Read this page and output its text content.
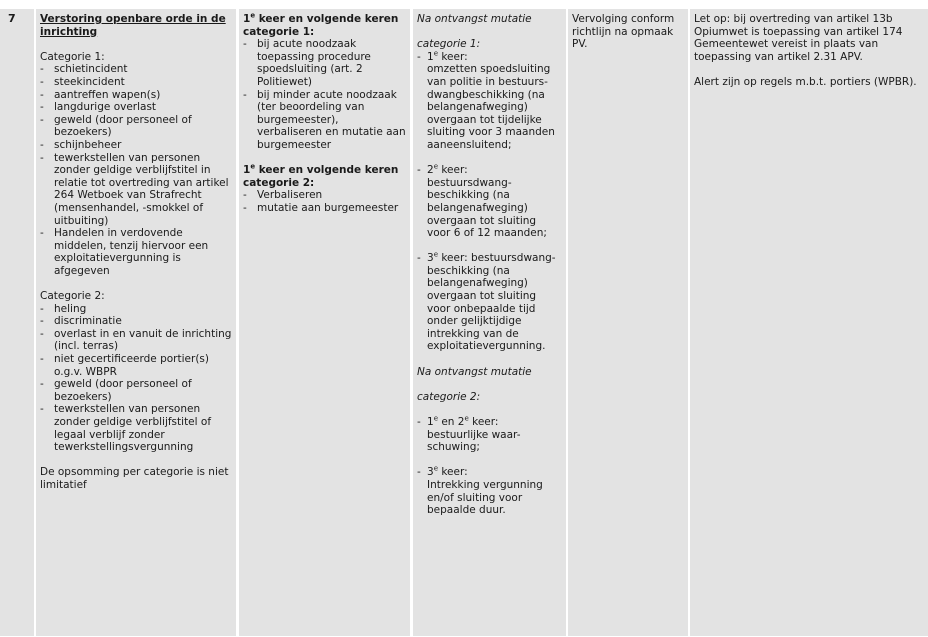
7	Verstoring openbare orde in de inrichting
Categorie 1:
- schietincident
- steekincident
- aantreffen wapen(s)
- langdurige overlast
- geweld (door personeel of bezoekers)
- schijnbeheer
- tewerkstellen van personen zonder geldige verblijfstitel in relatie tot overtreding van artikel 264 Wetboek van Strafrecht (mensenhandel, -smokkel of uitbuiting)
- Handelen in verdovende middelen, tenzij hiervoor een exploitatievergunning is afgegeven
Categorie 2:
- heling
- discriminatie
- overlast in en vanuit de inrichting (incl. terras)
- niet gecertificeerde portier(s) o.g.v. WBPR
- geweld (door personeel of bezoekers)
- tewerkstellen van personen zonder geldige verblijfstitel of legaal verblijf zonder tewerkstellingsvergunning
De opsomming per categorie is niet limitatief
1e keer en volgende keren categorie 1:
- bij acute noodzaak toepassing procedure spoedsluiting (art. 2 Politiewet)
- bij minder acute noodzaak (ter beoordeling van burgemeester), verbaliseren en mutatie aan burgemeester
1e keer en volgende keren categorie 2:
- Verbaliseren
- mutatie aan burgemeester
Na ontvangst mutatie
categorie 1:
- 1e keer:
omzetten spoedsluiting van politie in bestuurs-dwangbeschikking (na belangenafweging) overgaan tot tijdelijke sluiting voor 3 maanden aaneensluitend;
- 2e keer:
bestuursdwang-beschikking (na belangenafweging) overgaan tot sluiting voor 6 of 12 maanden;
- 3e keer: bestuursdwang-
beschikking (na belangenafweging) overgaan tot sluiting voor onbepaalde tijd onder gelijktijdige intrekking van de exploitatievergunning.
Na ontvangst mutatie
categorie 2:
- 1e en 2e keer:
bestuurlijke waar-schuwing;
- 3e keer:
Intrekking vergunning en/of sluiting voor bepaalde duur.
Vervolging conform richtlijn na opmaak PV.
Let op: bij overtreding van artikel 13b Opiumwet is toepassing van artikel 174 Gemeentewet vereist in plaats van toepassing van artikel 2.31 APV.
Alert zijn op regels m.b.t. portiers (WPBR).
